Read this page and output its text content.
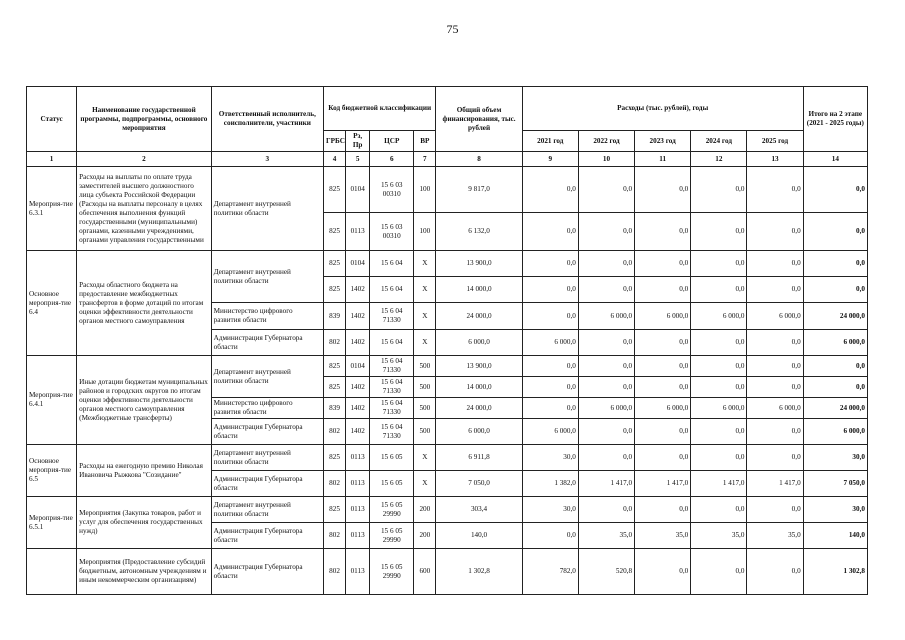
75
Статус	Наименование государственной программы, подпрограммы, основного мероприятия	Ответственный исполнитель, соисполнители, участники	Код бюджетной классификации				Общий объем финансирования, тыс. рублей	Расходы (тыс. рублей), годы					Итого на 2 этапе (2021 - 2025 годы)
			ГРБС	Рз, Пр	ЦСР	ВР		2021 год	2022 год	2023 год	2024 год	2025 год	
1	2	3	4	5	6	7	8	9	10	11	12	13	14
Мероприя-тие 6.3.1	Расходы на выплаты по оплате труда заместителей высшего должностного лица субъекта Российской Федерации (Расходы на выплаты персоналу в целях обеспечения выполнения функций государственными (муниципальными) органами, казенными учреждениями, органами управления государственными	Департамент внутренней политики области	825	0104	15 6 03 00310	100	9 817,0	0,0	0,0	0,0	0,0	0,0	0,0
			825	0113	15 6 03 00310	100	6 132,0	0,0	0,0	0,0	0,0	0,0	0,0
Основное мероприя-тие 6.4	Расходы областного бюджета на предоставление межбюджетных трансфертов в форме дотаций по итогам оценки эффективности деятельности органов местного самоуправления	Департамент внутренней политики области	825	0104	15 6 04	Х	13 900,0	0,0	0,0	0,0	0,0	0,0	0,0
			825	1402	15 6 04	Х	14 000,0	0,0	0,0	0,0	0,0	0,0	0,0
		Министерство цифрового развития области	839	1402	15 6 04 71330	Х	24 000,0	0,0	6 000,0	6 000,0	6 000,0	6 000,0	24 000,0
		Администрация Губернатора области	802	1402	15 6 04	Х	6 000,0	6 000,0	0,0	0,0	0,0	0,0	6 000,0
Мероприя-тие 6.4.1	Иные дотации бюджетам муниципальных районов и городских округов по итогам оценки эффективности деятельности органов местного самоуправления (Межбюджетные трансферты)	Департамент внутренней политики области	825	0104	15 6 04 71330	500	13 900,0	0,0	0,0	0,0	0,0	0,0	0,0
			825	1402	15 6 04 71330	500	14 000,0	0,0	0,0	0,0	0,0	0,0	0,0
		Министерство цифрового развития области	839	1402	15 6 04 71330	500	24 000,0	0,0	6 000,0	6 000,0	6 000,0	6 000,0	24 000,0
		Администрация Губернатора области	802	1402	15 6 04 71330	500	6 000,0	6 000,0	0,0	0,0	0,0	0,0	6 000,0
Основное мероприя-тие 6.5	Расходы на ежегодную премию Николая Ивановича Рыжкова "Созидание"	Департамент внутренней политики области	825	0113	15 6 05	Х	6 911,8	30,0	0,0	0,0	0,0	0,0	30,0
		Администрация Губернатора области	802	0113	15 6 05	Х	7 050,0	1 382,0	1 417,0	1 417,0	1 417,0	1 417,0	7 050,0
Мероприя-тие 6.5.1	Мероприятия (Закупка товаров, работ и услуг для обеспечения государственных нужд)	Департамент внутренней политики области	825	0113	15 6 05 29990	200	303,4	30,0	0,0	0,0	0,0	0,0	30,0
		Администрация Губернатора области	802	0113	15 6 05 29990	200	140,0	0,0	35,0	35,0	35,0	35,0	140,0
	Мероприятия (Предоставление субсидий бюджетным, автономным учреждениям и иным некоммерческим организациям)	Администрация Губернатора области	802	0113	15 6 05 29990	600	1 302,8	782,0	520,8	0,0	0,0	0,0	1 302,8
